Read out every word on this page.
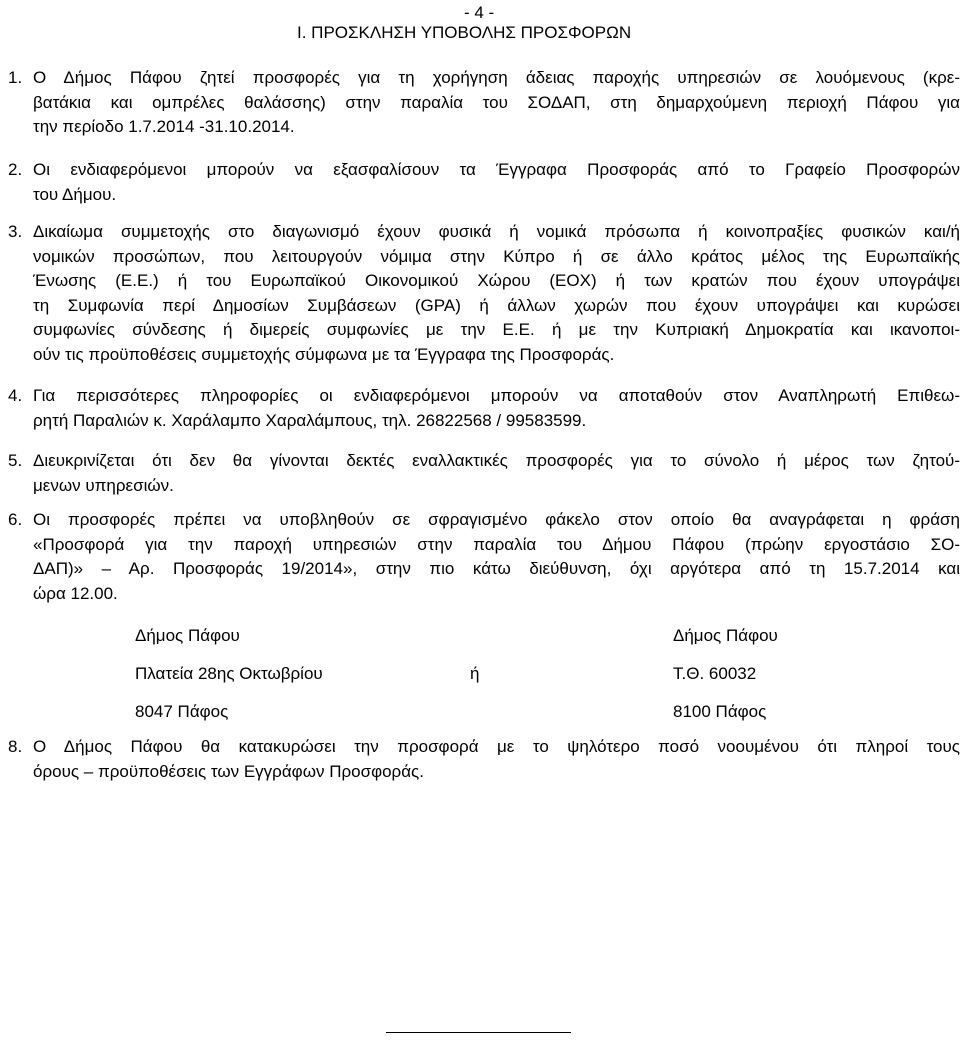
- 4 -
I. ΠΡΟΣΚΛΗΣΗ ΥΠΟΒΟΛΗΣ ΠΡΟΣΦΟΡΩΝ
1. Ο Δήμος Πάφου ζητεί προσφορές για τη χορήγηση άδειας παροχής υπηρεσιών σε λουόμενους (κρε-
βατάκια και ομπρέλες θαλάσσης) στην παραλία του ΣΟΔΑΠ, στη δημαρχούμενη περιοχή Πάφου για
την περίοδο 1.7.2014 -31.10.2014.
2. Οι ενδιαφερόμενοι μπορούν να εξασφαλίσουν τα Έγγραφα Προσφοράς από το Γραφείο Προσφορών
του Δήμου.
3. Δικαίωμα συμμετοχής στο διαγωνισμό έχουν φυσικά ή νομικά πρόσωπα ή κοινοπραξίες φυσικών και/ή
νομικών προσώπων, που λειτουργούν νόμιμα στην Κύπρο ή σε άλλο κράτος μέλος της Ευρωπαϊκής
Ένωσης (Ε.Ε.) ή του Ευρωπαϊκού Οικονομικού Χώρου (ΕΟΧ) ή των κρατών που έχουν υπογράψει
τη Συμφωνία περί Δημοσίων Συμβάσεων (GPA) ή άλλων χωρών που έχουν υπογράψει και κυρώσει
συμφωνίες σύνδεσης ή διμερείς συμφωνίες με την Ε.Ε. ή με την Κυπριακή Δημοκρατία και ικανοποι-
ούν τις προϋποθέσεις συμμετοχής σύμφωνα με τα Έγγραφα της Προσφοράς.
4. Για περισσότερες πληροφορίες οι ενδιαφερόμενοι μπορούν να αποταθούν στον Αναπληρωτή Επιθεω-
ρητή Παραλιών κ. Χαράλαμπο Χαραλάμπους, τηλ. 26822568 / 99583599.
5. Διευκρινίζεται ότι δεν θα γίνονται δεκτές εναλλακτικές προσφορές για το σύνολο ή μέρος των ζητού-
μενων υπηρεσιών.
6. Οι προσφορές πρέπει να υποβληθούν σε σφραγισμένο φάκελο στον οποίο θα αναγράφεται η φράση
«Προσφορά για την παροχή υπηρεσιών στην παραλία του Δήμου Πάφου (πρώην εργοστάσιο ΣΟ-
ΔΑΠ)» – Αρ. Προσφοράς 19/2014», στην πιο κάτω διεύθυνση, όχι αργότερα από τη 15.7.2014 και
ώρα 12.00.
Δήμος Πάφου	Δήμος Πάφου
Πλατεία 28ης Οκτωβρίου	ή	Τ.Θ. 60032
8047 Πάφος	8100 Πάφος
8. Ο Δήμος Πάφου θα κατακυρώσει την προσφορά με το ψηλότερο ποσό νοουμένου ότι πληροί τους
όρους – προϋποθέσεις των Εγγράφων Προσφοράς.
